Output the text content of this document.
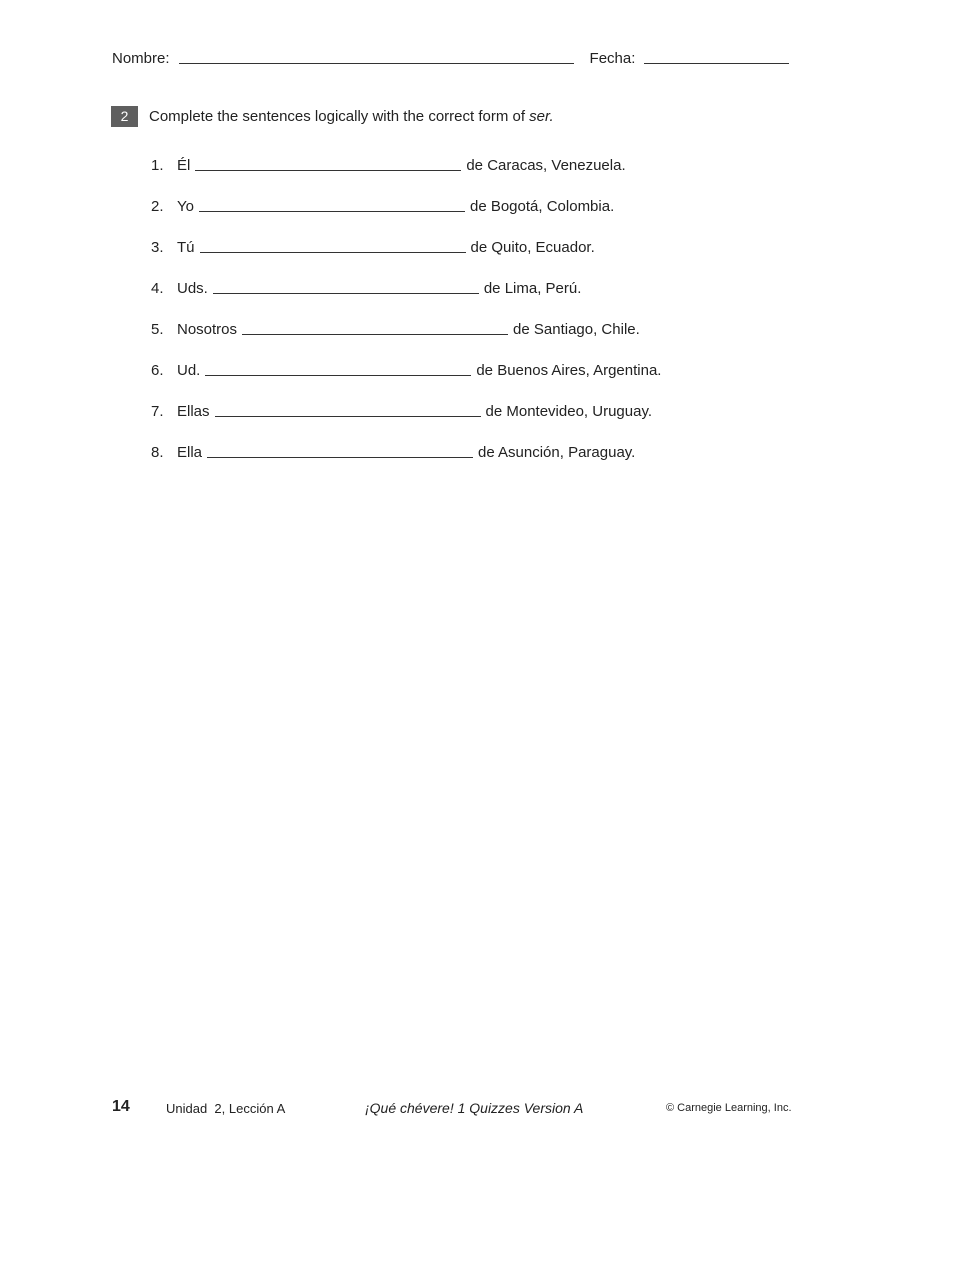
Nombre:	Fecha:
2	Complete the sentences logically with the correct form of ser.
1. Él	de Caracas, Venezuela.
2. Yo	de Bogotá, Colombia.
3. Tú	de Quito, Ecuador.
4. Uds.	de Lima, Perú.
5. Nosotros	de Santiago, Chile.
6. Ud.	de Buenos Aires, Argentina.
7. Ellas	de Montevideo, Uruguay.
8. Ella	de Asunción, Paraguay.
14	Unidad  2, Lección A	¡Qué chévere! 1 Quizzes Version A	© Carnegie Learning, Inc.
